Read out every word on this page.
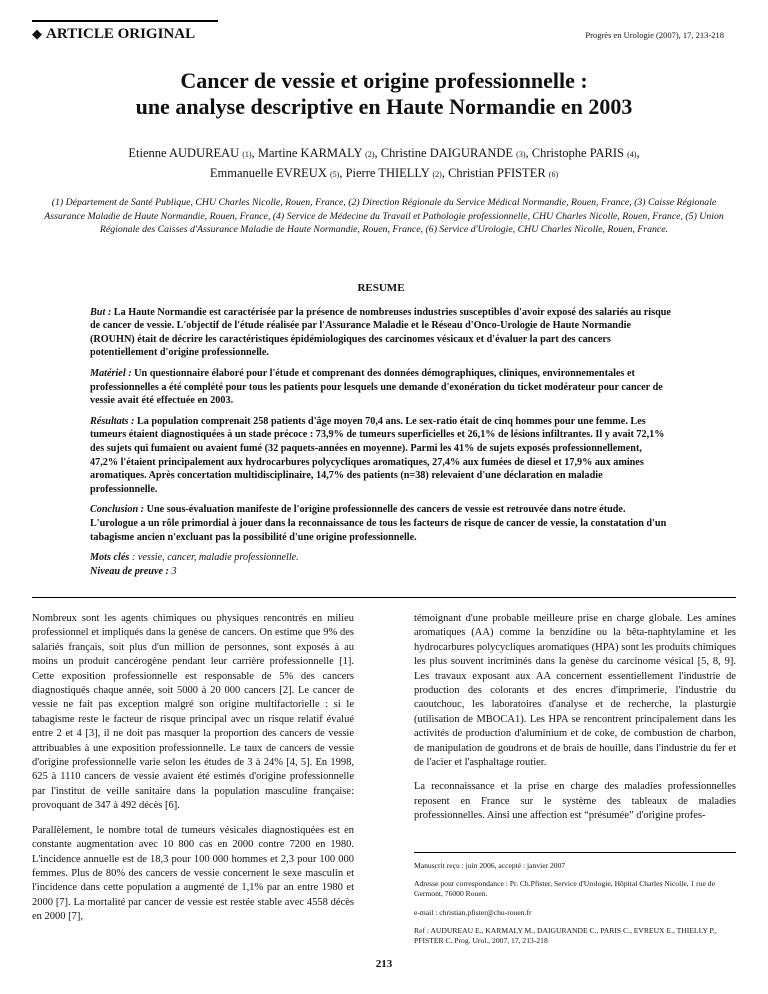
◆ ARTICLE ORIGINAL	Progrès en Urologie (2007), 17, 213-218
Cancer de vessie et origine professionnelle :
une analyse descriptive en Haute Normandie en 2003
Etienne AUDUREAU (1), Martine KARMALY (2), Christine DAIGURANDE (3), Christophe PARIS (4),
Emmanuelle EVREUX (5), Pierre THIELLY (2), Christian PFISTER (6)
(1) Département de Santé Publique, CHU Charles Nicolle, Rouen, France, (2) Direction Régionale du Service Médical Normandie, Rouen, France, (3) Caisse Régionale Assurance Maladie de Haute Normandie, Rouen, France, (4) Service de Médecine du Travail et Pathologie professionnelle, CHU Charles Nicolle, Rouen, France, (5) Union Régionale des Caisses d'Assurance Maladie de Haute Normandie, Rouen, France, (6) Service d'Urologie, CHU Charles Nicolle, Rouen, France.
RESUME

But : La Haute Normandie est caractérisée par la présence de nombreuses industries susceptibles d'avoir exposé des salariés au risque de cancer de vessie. L'objectif de l'étude réalisée par l'Assurance Maladie et le Réseau d'Onco-Urologie de Haute Normandie (ROUHN) était de décrire les caractéristiques épidémiologiques des carcinomes vésicaux et d'évaluer la part des cancers potentiellement d'origine professionnelle.

Matériel : Un questionnaire élaboré pour l'étude et comprenant des données démographiques, cliniques, environnementales et professionnelles a été complété pour tous les patients pour lesquels une demande d'exonération du ticket modérateur pour cancer de vessie avait été effectuée en 2003.

Résultats : La population comprenait 258 patients d'âge moyen 70,4 ans. Le sex-ratio était de cinq hommes pour une femme. Les tumeurs étaient diagnostiquées à un stade précoce : 73,9% de tumeurs superficielles et 26,1% de lésions infiltrantes. Il y avait 72,1% des sujets qui fumaient ou avaient fumé (32 paquets-années en moyenne). Parmi les 41% de sujets exposés professionnellement, 47,2% l'étaient principalement aux hydrocarbures polycycliques aromatiques, 27,4% aux fumées de diesel et 17,9% aux amines aromatiques. Après concertation multidisciplinaire, 14,7% des patients (n=38) relevaient d'une déclaration en maladie professionnelle.

Conclusion : Une sous-évaluation manifeste de l'origine professionnelle des cancers de vessie est retrouvée dans notre étude. L'urologue a un rôle primordial à jouer dans la reconnaissance de tous les facteurs de risque de cancer de vessie, la constatation d'un tabagisme ancien n'excluant pas la possibilité d'une origine professionnelle.

Mots clés : vessie, cancer, maladie professionnelle.
Niveau de preuve : 3

Nombreux sont les agents chimiques ou physiques rencontrés en milieu professionnel et impliqués dans la genèse de cancers. On estime que 9% des salariés français, soit plus d'un million de personnes, sont exposés à au moins un produit cancérogène pendant leur carrière professionnelle [1]. Cette exposition professionnelle est responsable de 5% des cancers diagnostiqués chaque année, soit 5000 à 20 000 cancers [2]. Le cancer de vessie ne fait pas exception malgré son origine multifactorielle : si le tabagisme reste le facteur de risque principal avec un risque relatif évalué entre 2 et 4 [3], il ne doit pas masquer la proportion des cancers de vessie attribuables à une exposition professionnelle. Le taux de cancers de vessie d'origine professionnelle varie selon les études de 3 à 24% [4, 5]. En 1998, 625 à 1110 cancers de vessie avaient été estimés d'origine professionnelle par l'institut de veille sanitaire dans la population masculine française: provoquant de 347 à 492 décès [6].

Parallèlement, le nombre total de tumeurs vésicales diagnostiquées est en constante augmentation avec 10 800 cas en 2000 contre 7200 en 1980. L'incidence annuelle est de 18,3 pour 100 000 hommes et 2,3 pour 100 000 femmes. Plus de 80% des cancers de vessie concernent le sexe masculin et l'incidence dans cette population a augmenté de 1,1% par an entre 1980 et 2000 [7]. La mortalité par cancer de vessie est restée stable avec 4558 décès en 2000 [7],

témoignant d'une probable meilleure prise en charge globale. Les amines aromatiques (AA) comme la benzidine ou la bêta-naphtylamine et les hydrocarbures polycycliques aromatiques (HPA) sont les produits chimiques les plus souvent incriminés dans la genèse du carcinome vésical [5, 8, 9]. Les travaux exposant aux AA concernent essentiellement l'industrie de production des colorants et des encres d'imprimerie, l'industrie du caoutchouc, les laboratoires d'analyse et de recherche, la plasturgie (utilisation de MBOCA1). Les HPA se rencontrent principalement dans les activités de production d'aluminium et de coke, de combustion de charbon, de manipulation de goudrons et de brais de houille, dans l'industrie du fer et de l'acier et l'asphaltage routier.

La reconnaissance et la prise en charge des maladies professionnelles reposent en France sur le système des tableaux de maladies professionnelles. Ainsi une affection est “présumée” d'origine profes-

Manuscrit reçu : juin 2006, accepté : janvier 2007

Adresse pour correspondance : Pr. Ch.Pfister, Service d'Urologie, Hôpital Charles Nicolle, 1 rue de Germont, 76000 Rouen.

e-mail : christian.pfister@chu-rouen.fr

Ref : AUDUREAU E., KARMALY M., DAIGURANDE C., PARIS C., EVREUX E., THIELLY P., PFISTER C. Prog. Urol., 2007, 17, 213-218

213
